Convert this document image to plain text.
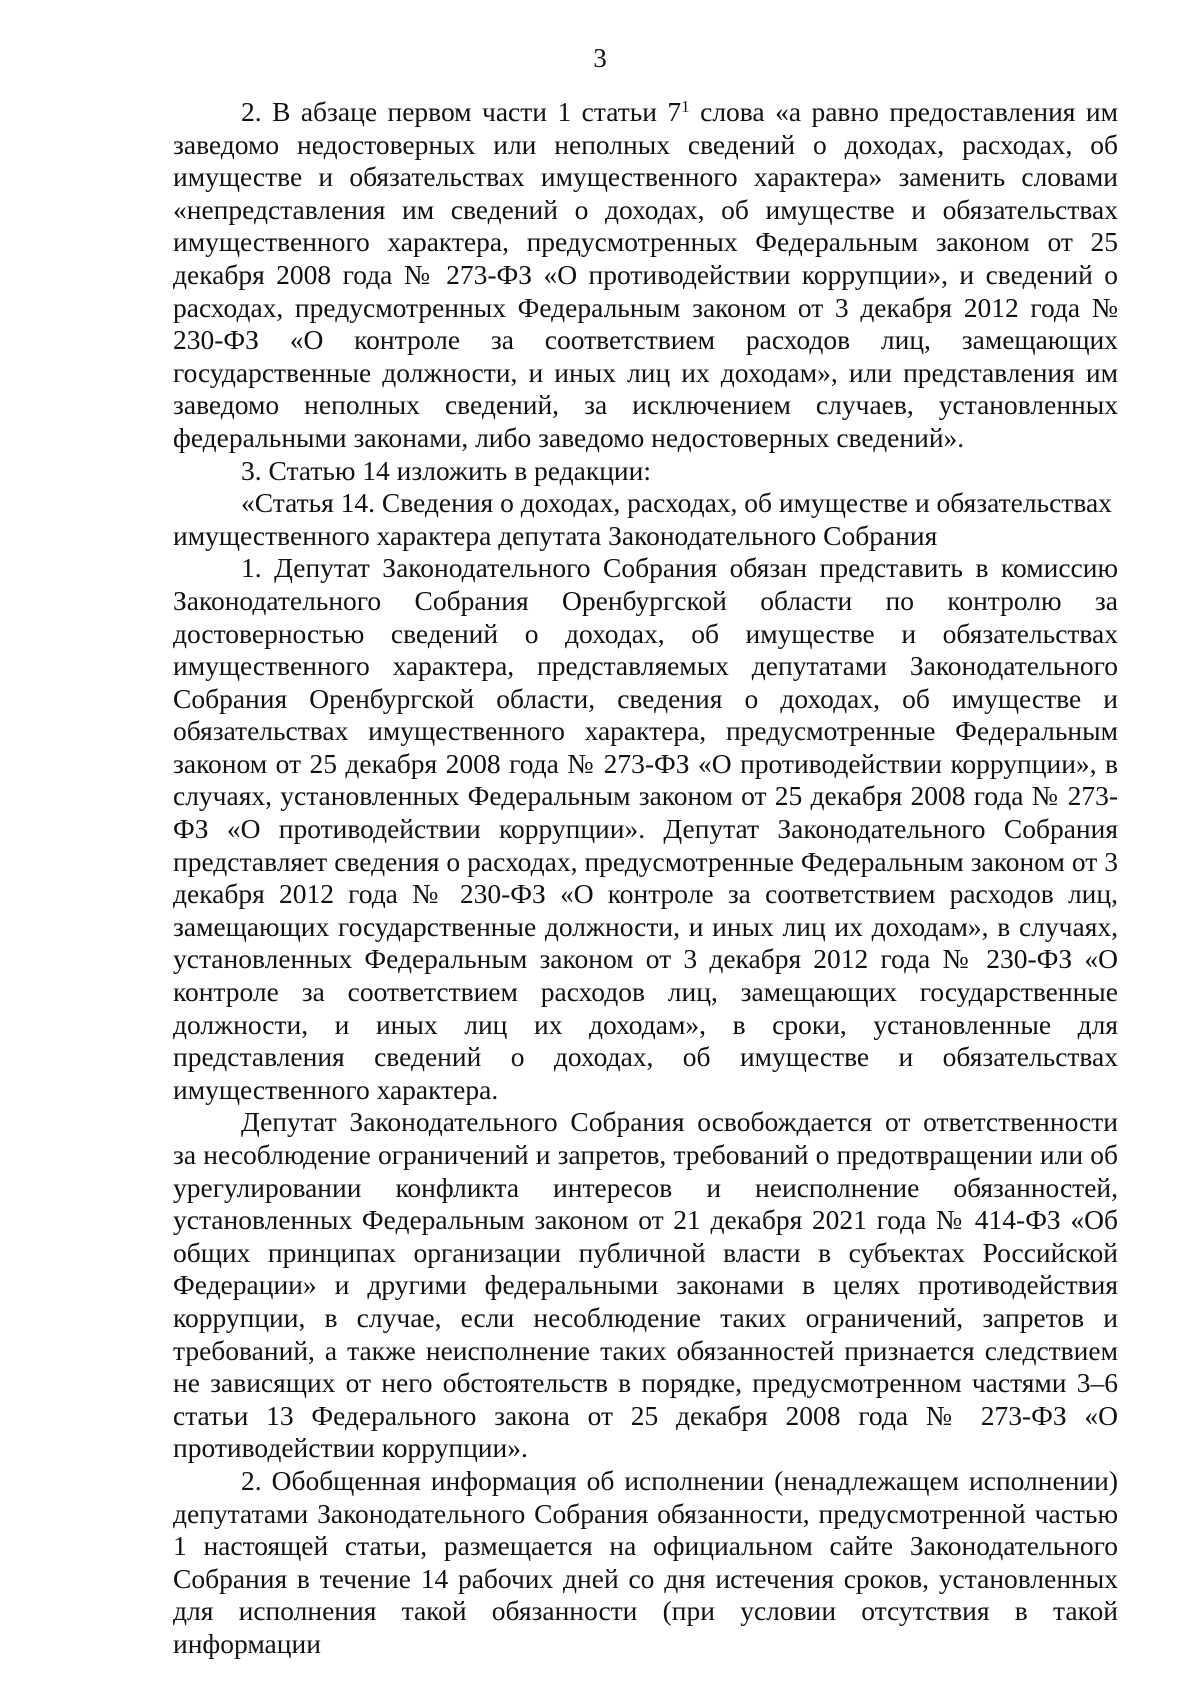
3

2. В абзаце первом части 1 статьи $7^1$ слова «а равно предоставления им заведомо недостоверных или неполных сведений о доходах, расходах, об имуществе и обязательствах имущественного характера» заменить словами «непредставления им сведений о доходах, об имуществе и обязательствах имущественного характера, предусмотренных Федеральным законом от 25 декабря 2008 года № 273-ФЗ «О противодействии коррупции», и сведений о расходах, предусмотренных Федеральным законом от 3 декабря 2012 года № 230-ФЗ «О контроле за соответствием расходов лиц, замещающих государственные должности, и иных лиц их доходам», или представления им заведомо неполных сведений, за исключением случаев, установленных федеральными законами, либо заведомо недостоверных сведений».

3. Статью 14 изложить в редакции:

«Статья 14. Сведения о доходах, расходах, об имуществе и обязательствах имущественного характера депутата Законодательного Собрания

1. Депутат Законодательного Собрания обязан представить в комиссию Законодательного Собрания Оренбургской области по контролю за достоверностью сведений о доходах, об имуществе и обязательствах имущественного характера, представляемых депутатами Законодательного Собрания Оренбургской области, сведения о доходах, об имуществе и обязательствах имущественного характера, предусмотренные Федеральным законом от 25 декабря 2008 года № 273-ФЗ «О противодействии коррупции», в случаях, установленных Федеральным законом от 25 декабря 2008 года № 273-ФЗ «О противодействии коррупции». Депутат Законодательного Собрания представляет сведения о расходах, предусмотренные Федеральным законом от 3 декабря 2012 года № 230-ФЗ «О контроле за соответствием расходов лиц, замещающих государственные должности, и иных лиц их доходам», в случаях, установленных Федеральным законом от 3 декабря 2012 года № 230-ФЗ «О контроле за соответствием расходов лиц, замещающих государственные должности, и иных лиц их доходам», в сроки, установленные для представления сведений о доходах, об имуществе и обязательствах имущественного характера.

Депутат Законодательного Собрания освобождается от ответственности за несоблюдение ограничений и запретов, требований о предотвращении или об урегулировании конфликта интересов и неисполнение обязанностей, установленных Федеральным законом от 21 декабря 2021 года № 414-ФЗ «Об общих принципах организации публичной власти в субъектах Российской Федерации» и другими федеральными законами в целях противодействия коррупции, в случае, если несоблюдение таких ограничений, запретов и требований, а также неисполнение таких обязанностей признается следствием не зависящих от него обстоятельств в порядке, предусмотренном частями 3–6 статьи 13 Федерального закона от 25 декабря 2008 года № 273-ФЗ «О противодействии коррупции».

2. Обобщенная информация об исполнении (ненадлежащем исполнении) депутатами Законодательного Собрания обязанности, предусмотренной частью 1 настоящей статьи, размещается на официальном сайте Законодательного Собрания в течение 14 рабочих дней со дня истечения сроков, установленных для исполнения такой обязанности (при условии отсутствия в такой информации
